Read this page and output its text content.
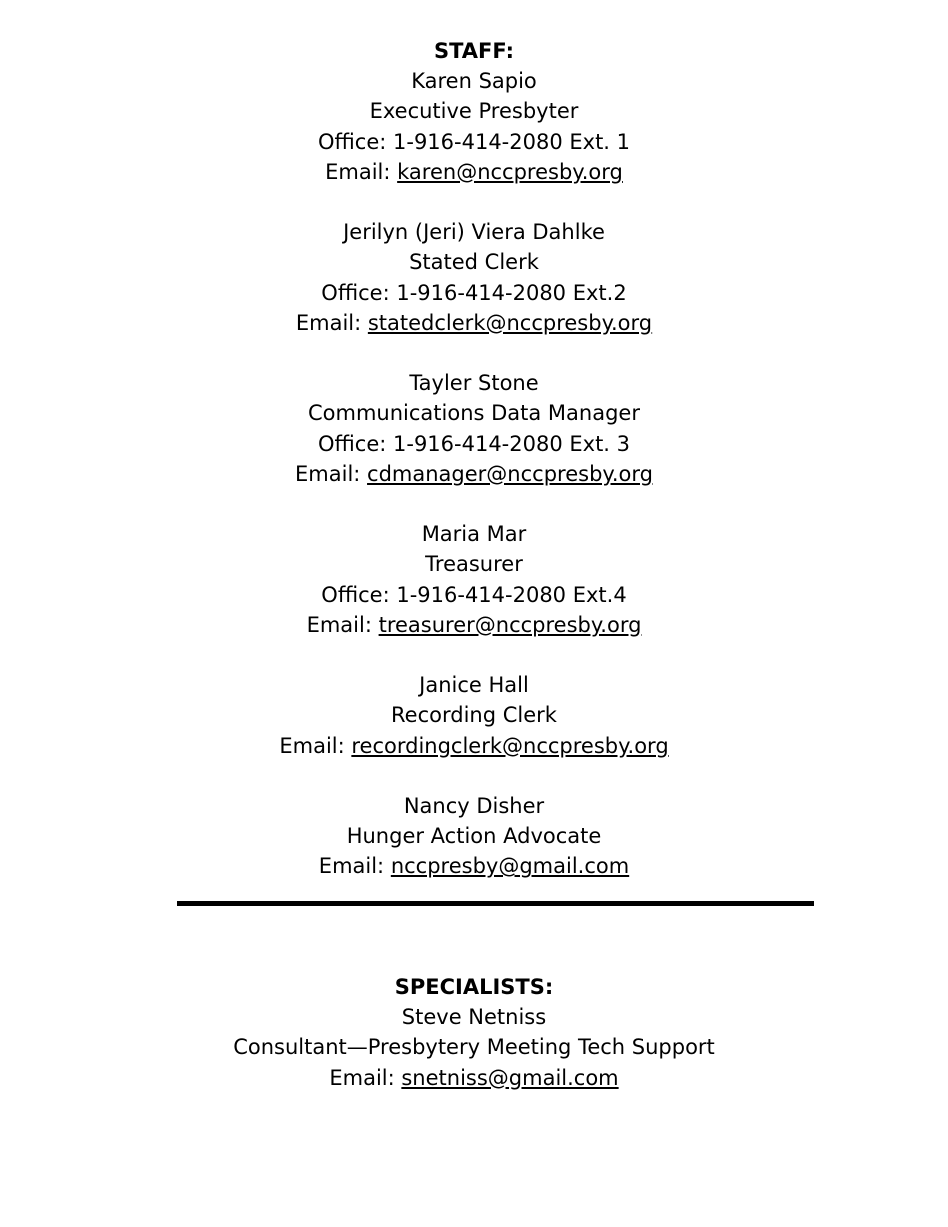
STAFF:
Karen Sapio
Executive Presbyter
Office: 1-916-414-2080 Ext. 1
Email: karen@nccpresby.org
Jerilyn (Jeri) Viera Dahlke
Stated Clerk
Office: 1-916-414-2080 Ext.2
Email: statedclerk@nccpresby.org
Tayler Stone
Communications Data Manager
Office: 1-916-414-2080 Ext. 3
Email: cdmanager@nccpresby.org
Maria Mar
Treasurer
Office: 1-916-414-2080 Ext.4
Email: treasurer@nccpresby.org
Janice Hall
Recording Clerk
Email: recordingclerk@nccpresby.org
Nancy Disher
Hunger Action Advocate
Email: nccpresby@gmail.com
SPECIALISTS:
Steve Netniss
Consultant—Presbytery Meeting Tech Support
Email: snetniss@gmail.com
